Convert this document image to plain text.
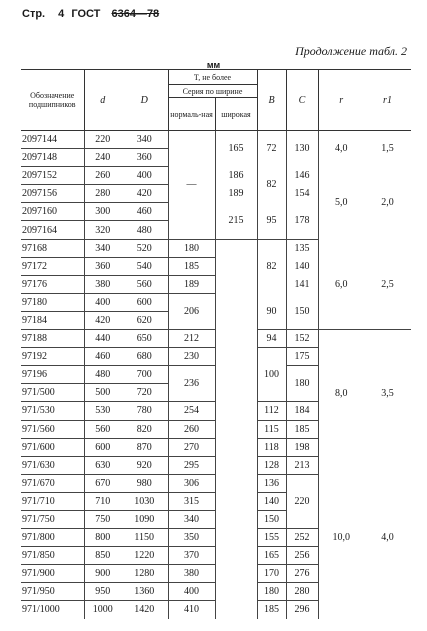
Стр. 4 ГОСТ 6364—78
Продолжение табл. 2
мм
Обозначение подшипников	d	D	T, не более		B	C	r	r1
			Серия по ширине					
			нормаль-ная	широкая				
2097144	220	340	—	165	72	130	4,0	1,5
2097148	240	360						
2097152	260	400		186	82	146	5,0	2,0
2097156	280	420		189		154		
2097160	300	460		215	95	178		
2097164	320	480						
97168	340	520	180		82	135	6,0	2,5
97172	360	540	185			140		
97176	380	560	189			141		
97180	400	600	206		90	150		
97184	420	620						
97188	440	650	212		94	152	8,0	3,5
97192	460	680	230		100	175		
97196	480	700	236			180		
971/500	500	720						
971/530	530	780	254		112	184		
971/560	560	820	260		115	185		
971/600	600	870	270		118	198		
971/630	630	920	295		128	213	10,0	4,0
971/670	670	980	306		136	220		
971/710	710	1030	315		140			
971/750	750	1090	340		150			
971/800	800	1150	350		155	252		
971/850	850	1220	370		165	256		
971/900	900	1280	380		170	276		
971/950	950	1360	400		180	280		
971/1000	1000	1420	410		185	296		
